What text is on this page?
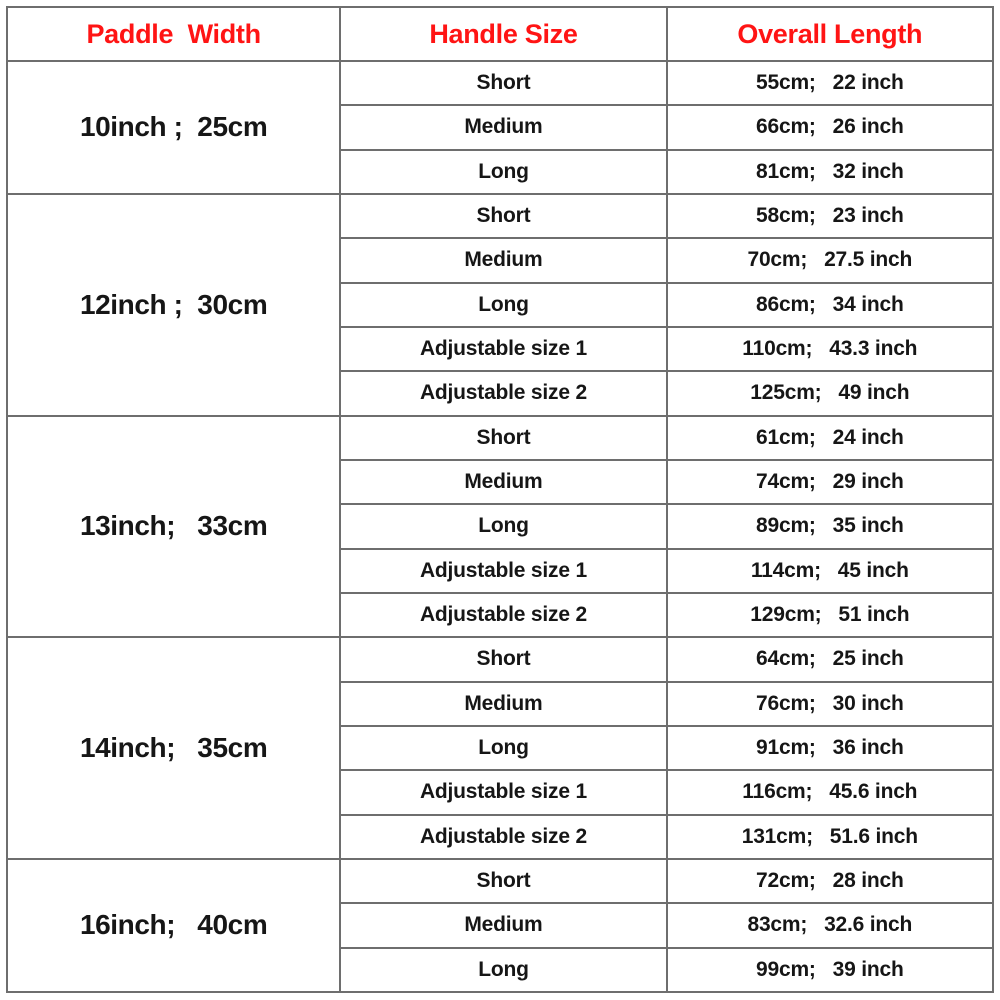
Paddle  Width	Handle Size	Overall Length
10inch ;  25cm	Short	55cm;   22 inch
	Medium	66cm;   26 inch
	Long	81cm;   32 inch
12inch ;  30cm	Short	58cm;   23 inch
	Medium	70cm;   27.5 inch
	Long	86cm;   34 inch
	Adjustable size 1	110cm;   43.3 inch
	Adjustable size 2	125cm;   49 inch
13inch;   33cm	Short	61cm;   24 inch
	Medium	74cm;   29 inch
	Long	89cm;   35 inch
	Adjustable size 1	114cm;   45 inch
	Adjustable size 2	129cm;   51 inch
14inch;   35cm	Short	64cm;   25 inch
	Medium	76cm;   30 inch
	Long	91cm;   36 inch
	Adjustable size 1	116cm;   45.6 inch
	Adjustable size 2	131cm;   51.6 inch
16inch;   40cm	Short	72cm;   28 inch
	Medium	83cm;   32.6 inch
	Long	99cm;   39 inch
